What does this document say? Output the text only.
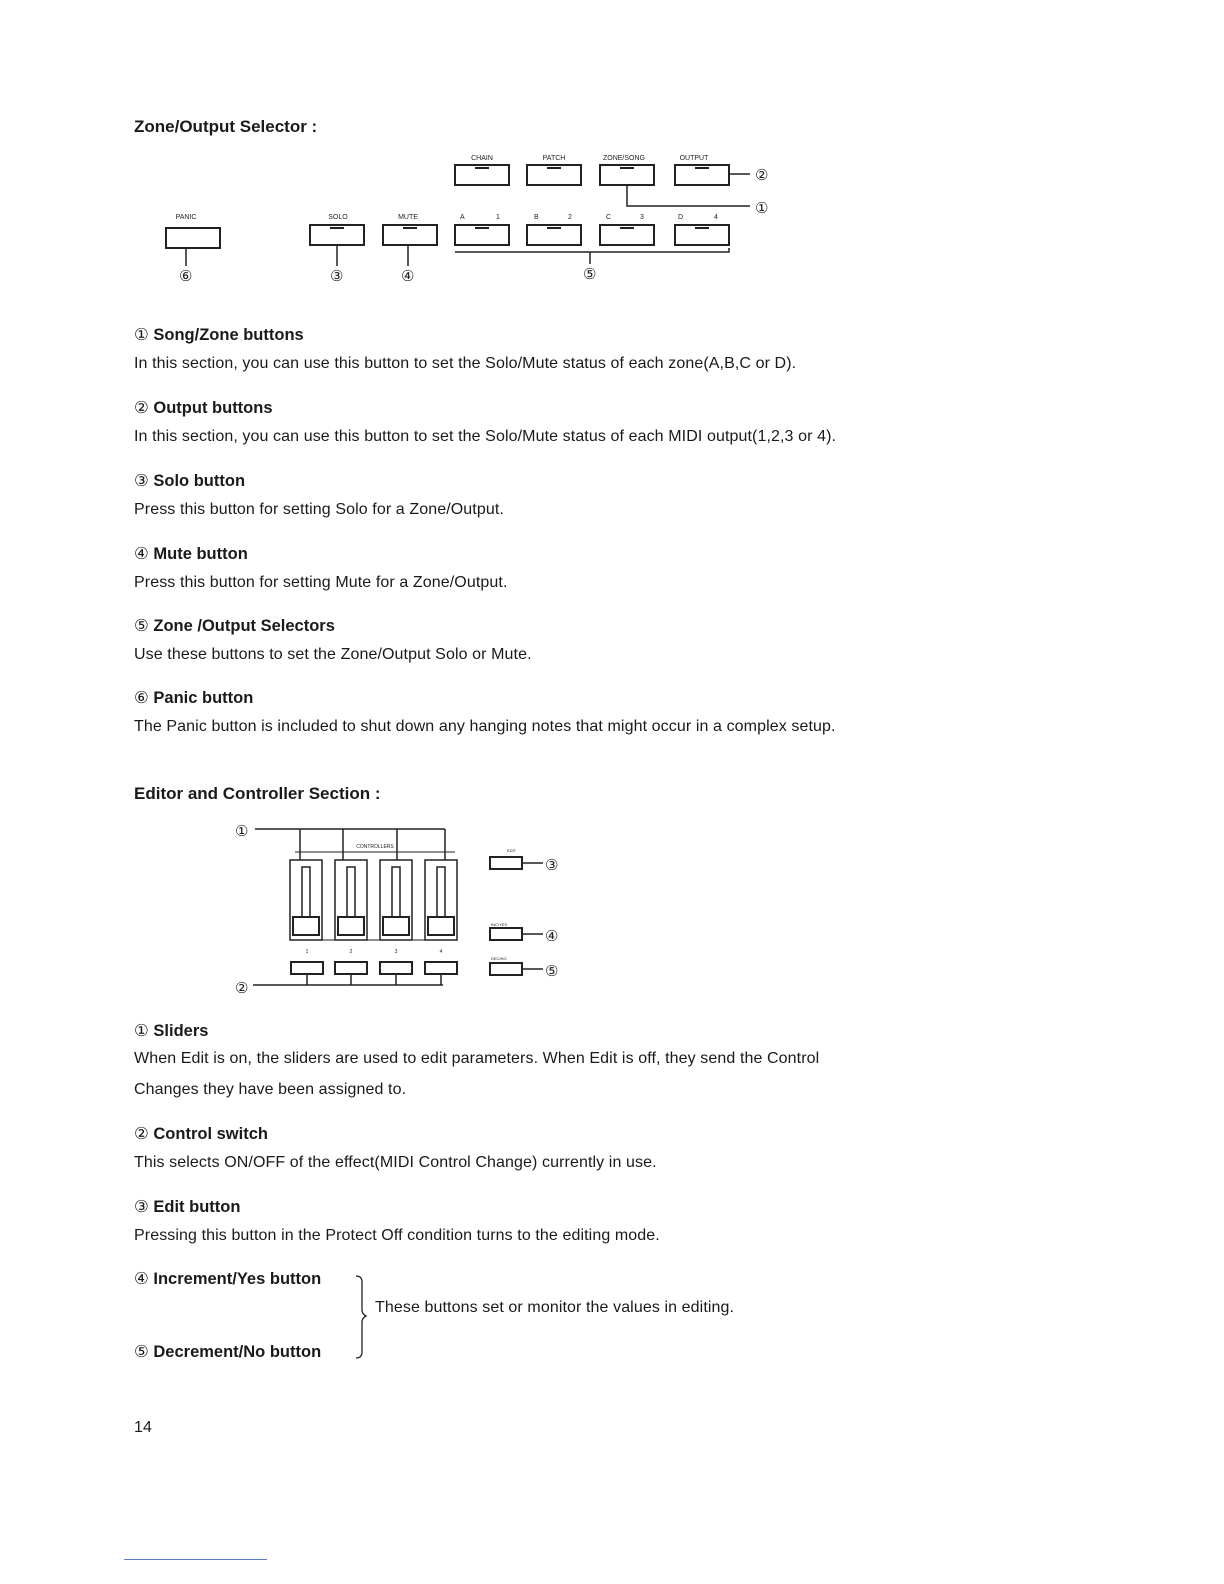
Zone/Output Selector :
CHAIN	PATCH	ZONE/SONG	OUTPUT
②
①
PANIC	SOLO	MUTE	A	1	B	2	C	3	D	4
⑥	③	④	⑤
① Song/Zone buttons
In this section, you can use this button to set the Solo/Mute status of each zone(A,B,C or D).
② Output buttons
In this section, you can use this button to set the Solo/Mute status of each MIDI output(1,2,3 or 4).
③ Solo button
Press this button for setting Solo for a Zone/Output.
④ Mute button
Press this button for setting Mute for a Zone/Output.
⑤ Zone /Output Selectors
Use these buttons to set the Zone/Output Solo or Mute.
⑥ Panic button
The Panic button is included to shut down any hanging notes that might occur in a complex setup.
Editor and Controller Section :
①
CONTROLLERS
1	2	3	4
②
EDIT
INC/YES
DEC/NO
③
④
⑤
① Sliders
When Edit is on, the sliders are used to edit parameters. When Edit is off, they send the Control
Changes they have been assigned to.
② Control switch
This selects ON/OFF of the effect(MIDI Control Change) currently in use.
③ Edit button
Pressing this button in the Protect Off condition turns to the editing mode.
④ Increment/Yes button
⑤ Decrement/No button
These buttons set or monitor the values in editing.
14
